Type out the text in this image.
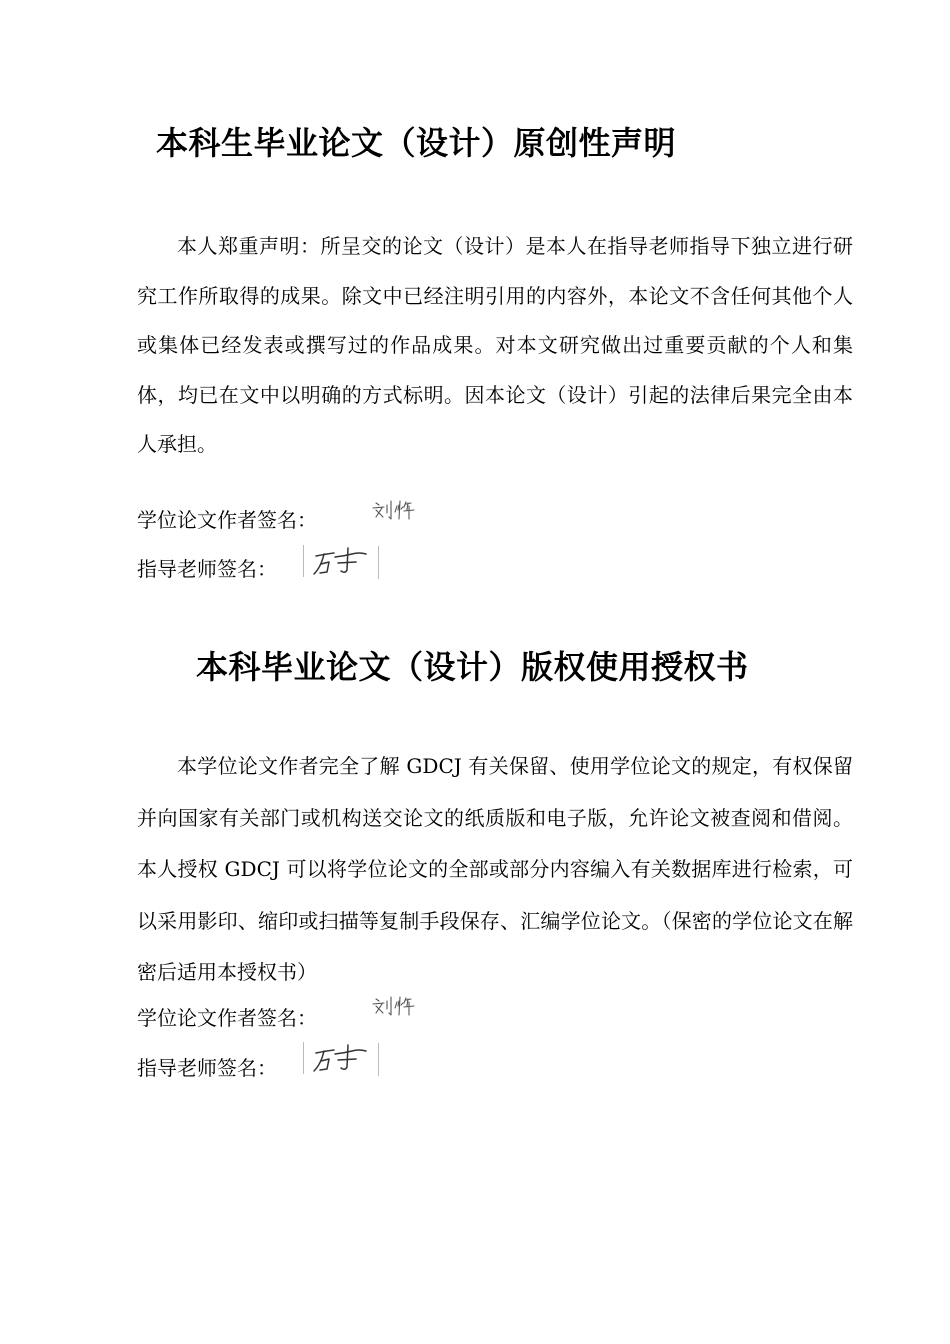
本科生毕业论文（设计）原创性声明

本人郑重声明：所呈交的论文（设计）是本人在指导老师指导下独立进行研究工作所取得的成果。除文中已经注明引用的内容外，本论文不含任何其他个人或集体已经发表或撰写过的作品成果。对本文研究做出过重要贡献的个人和集体，均已在文中以明确的方式标明。因本论文（设计）引起的法律后果完全由本人承担。

学位论文作者签名：
指导老师签名：
本科毕业论文（设计）版权使用授权书

本学位论文作者完全了解 GDCJ 有关保留、使用学位论文的规定，有权保留并向国家有关部门或机构送交论文的纸质版和电子版，允许论文被查阅和借阅。本人授权 GDCJ 可以将学位论文的全部或部分内容编入有关数据库进行检索，可以采用影印、缩印或扫描等复制手段保存、汇编学位论文。（保密的学位论文在解密后适用本授权书）

学位论文作者签名：
指导老师签名：
